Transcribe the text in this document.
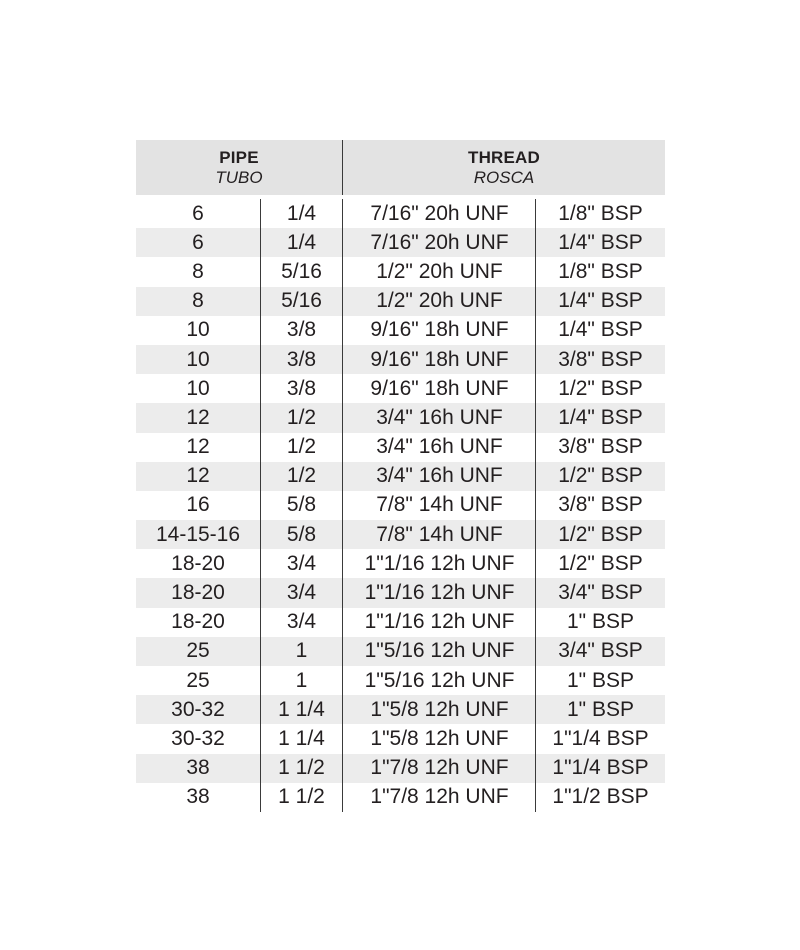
PIPE
TUBO
THREAD
ROSCA
6	1/4	7/16" 20h UNF	1/8" BSP
6	1/4	7/16" 20h UNF	1/4" BSP
8	5/16	1/2" 20h UNF	1/8" BSP
8	5/16	1/2" 20h UNF	1/4" BSP
10	3/8	9/16" 18h UNF	1/4" BSP
10	3/8	9/16" 18h UNF	3/8" BSP
10	3/8	9/16" 18h UNF	1/2" BSP
12	1/2	3/4" 16h UNF	1/4" BSP
12	1/2	3/4" 16h UNF	3/8" BSP
12	1/2	3/4" 16h UNF	1/2" BSP
16	5/8	7/8" 14h UNF	3/8" BSP
14-15-16	5/8	7/8" 14h UNF	1/2" BSP
18-20	3/4	1"1/16 12h UNF	1/2" BSP
18-20	3/4	1"1/16 12h UNF	3/4" BSP
18-20	3/4	1"1/16 12h UNF	1" BSP
25	1	1"5/16 12h UNF	3/4" BSP
25	1	1"5/16 12h UNF	1" BSP
30-32	1 1/4	1"5/8 12h UNF	1" BSP
30-32	1 1/4	1"5/8 12h UNF	1"1/4 BSP
38	1 1/2	1"7/8 12h UNF	1"1/4 BSP
38	1 1/2	1"7/8 12h UNF	1"1/2 BSP
